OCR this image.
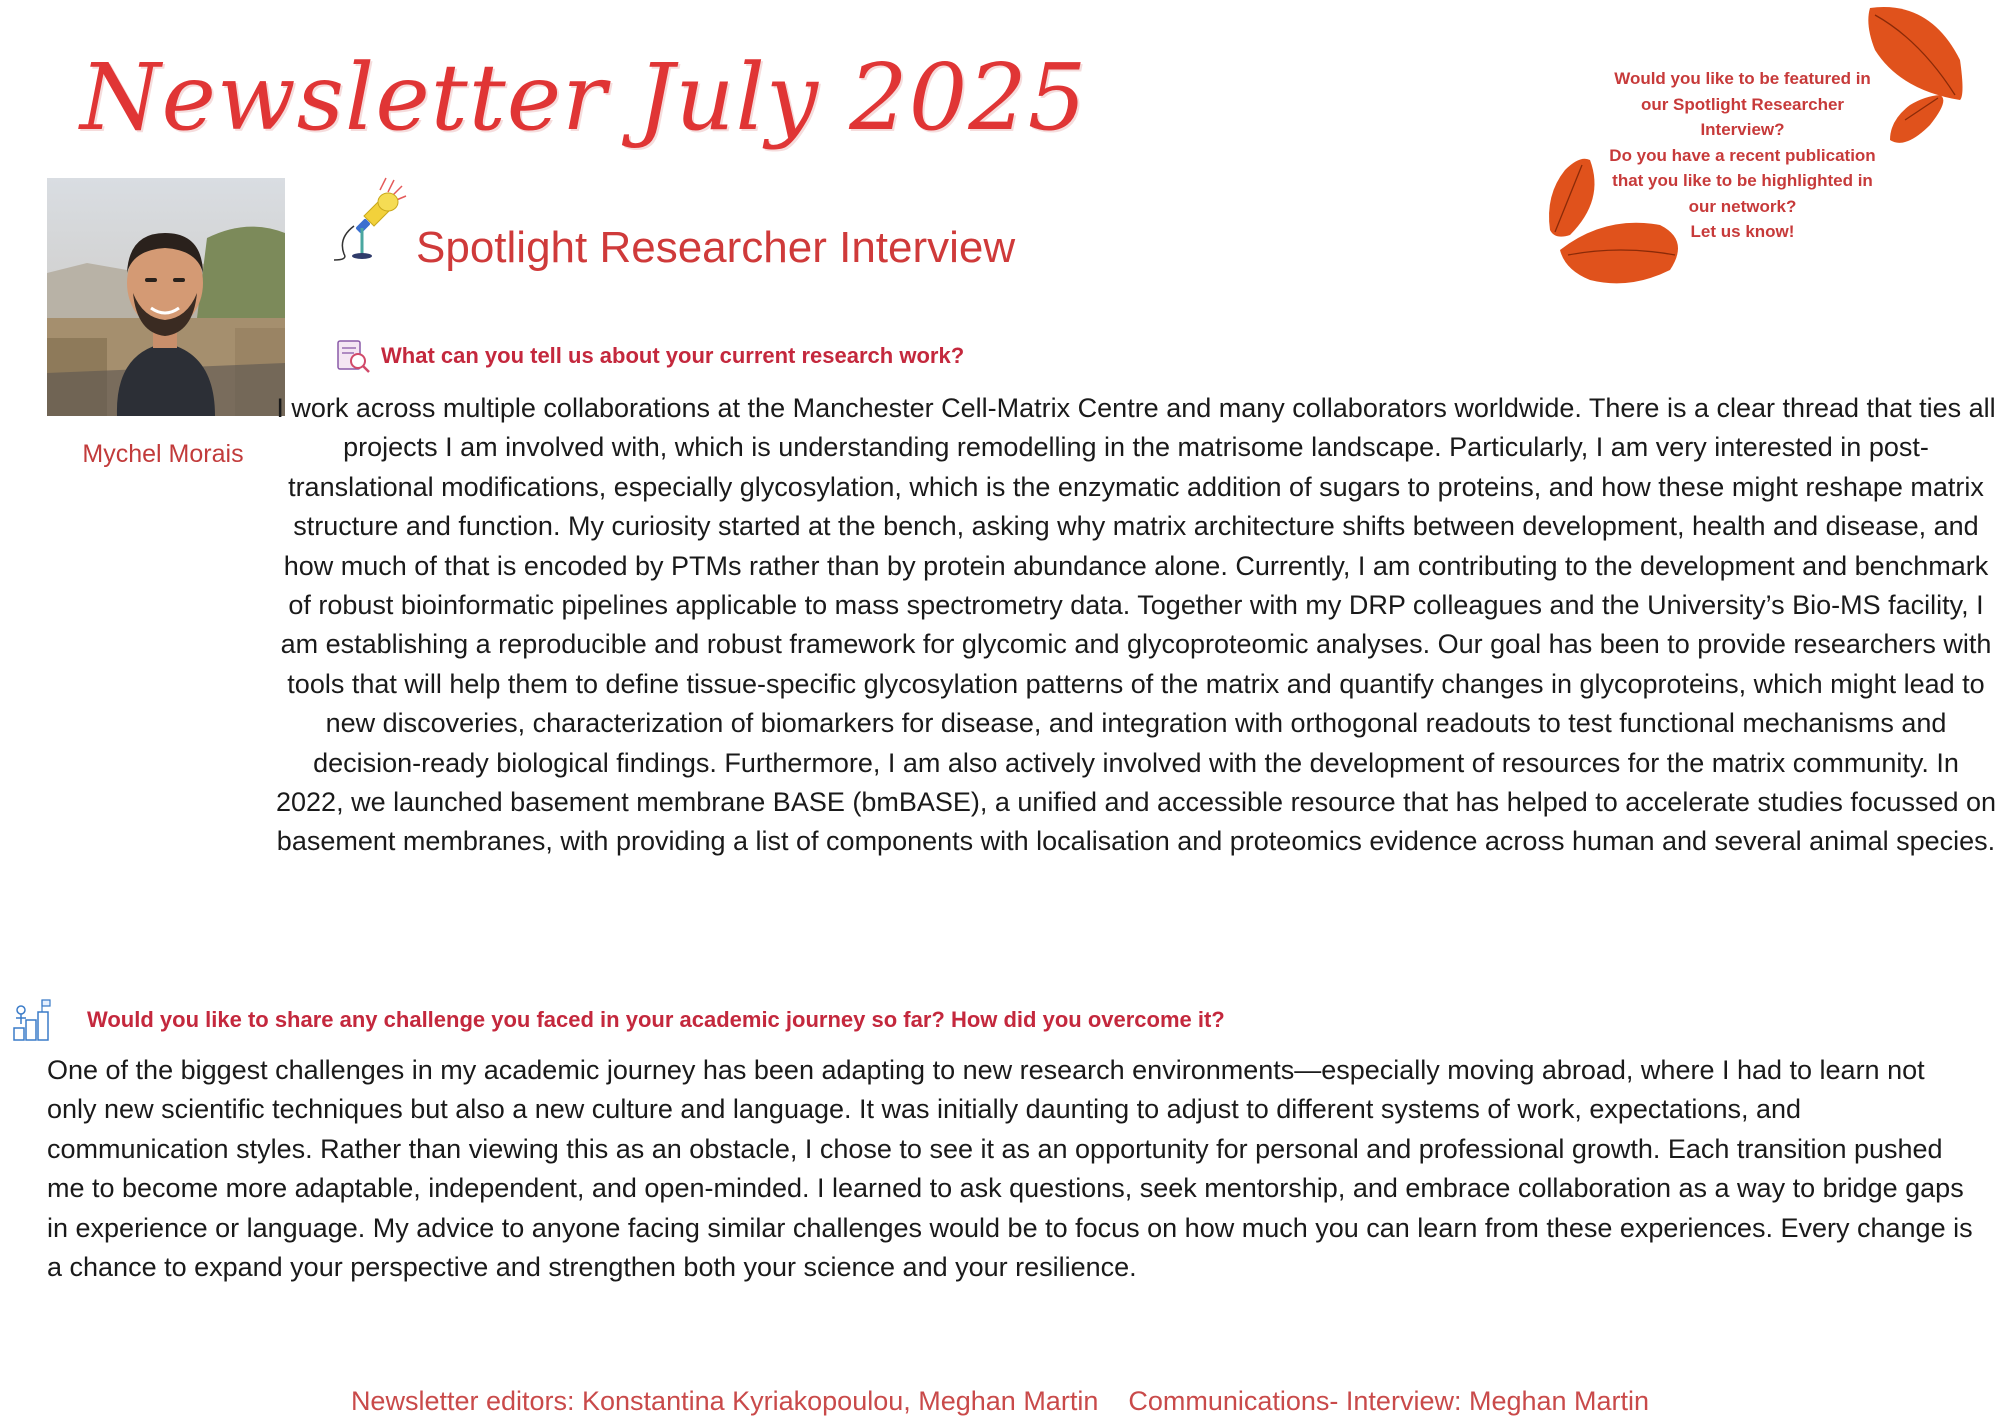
Newsletter July 2025
Mychel Morais
Spotlight Researcher Interview
Would you like to be featured in
our Spotlight Researcher
Interview?
Do you have a recent publication
that you like to be highlighted in
our network?
Let us know!
What can you tell us about your current research work?
I work across multiple collaborations at the Manchester Cell-Matrix Centre and many collaborators worldwide. There is a clear thread that ties all projects I am involved with, which is understanding remodelling in the matrisome landscape. Particularly, I am very interested in post-translational modifications, especially glycosylation, which is the enzymatic addition of sugars to proteins, and how these might reshape matrix structure and function. My curiosity started at the bench, asking why matrix architecture shifts between development, health and disease, and how much of that is encoded by PTMs rather than by protein abundance alone. Currently, I am contributing to the development and benchmark of robust bioinformatic pipelines applicable to mass spectrometry data. Together with my DRP colleagues and the University’s Bio-MS facility, I am establishing a reproducible and robust framework for glycomic and glycoproteomic analyses. Our goal has been to provide researchers with tools that will help them to define tissue-specific glycosylation patterns of the matrix and quantify changes in glycoproteins, which might lead to new discoveries, characterization of biomarkers for disease, and integration with orthogonal readouts to test functional mechanisms and decision-ready biological findings. Furthermore, I am also actively involved with the development of resources for the matrix community. In 2022, we launched basement membrane BASE (bmBASE), a unified and accessible resource that has helped to accelerate studies focussed on basement membranes, with providing a list of components with localisation and proteomics evidence across human and several animal species.
Would you like to share any challenge you faced in your academic journey so far? How did you overcome it?
One of the biggest challenges in my academic journey has been adapting to new research environments—especially moving abroad, where I had to learn not only new scientific techniques but also a new culture and language. It was initially daunting to adjust to different systems of work, expectations, and communication styles. Rather than viewing this as an obstacle, I chose to see it as an opportunity for personal and professional growth. Each transition pushed me to become more adaptable, independent, and open-minded. I learned to ask questions, seek mentorship, and embrace collaboration as a way to bridge gaps in experience or language. My advice to anyone facing similar challenges would be to focus on how much you can learn from these experiences. Every change is a chance to expand your perspective and strengthen both your science and your resilience.
Newsletter editors: Konstantina Kyriakopoulou, Meghan Martin Communications- Interview: Meghan Martin
